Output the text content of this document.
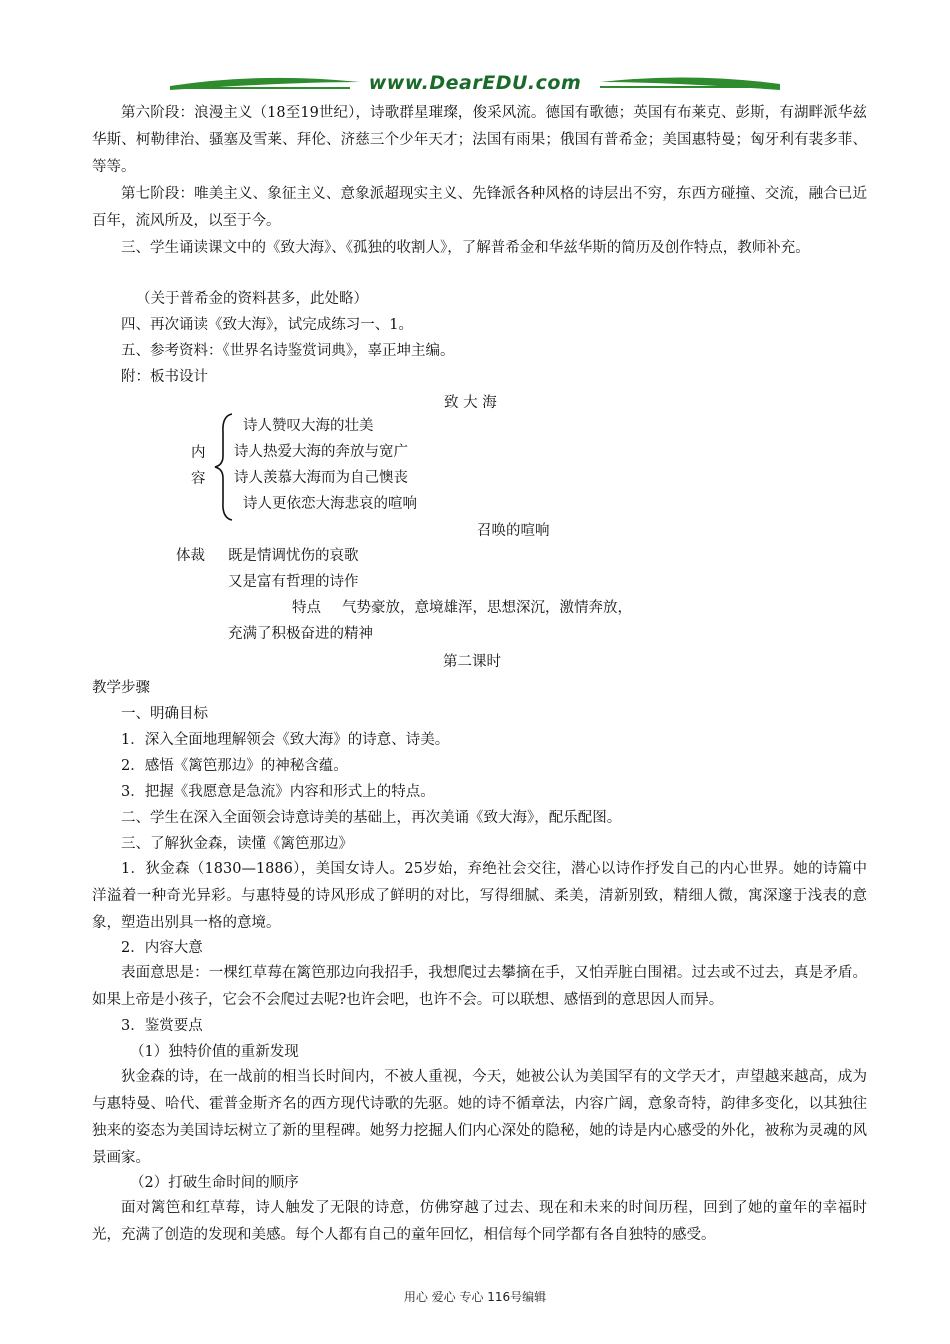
www.DearEDU.com

第六阶段：浪漫主义（18至19世纪），诗歌群星璀璨，俊采风流。德国有歌德；英国有布莱克、彭斯，有湖畔派华兹华斯、柯勒律治、骚塞及雪莱、拜伦、济慈三个少年天才；法国有雨果；俄国有普希金；美国惠特曼；匈牙利有裴多菲、等等。

第七阶段：唯美主义、象征主义、意象派超现实主义、先锋派各种风格的诗层出不穷，东西方碰撞、交流，融合已近百年，流风所及，以至于今。

三、学生诵读课文中的《致大海》、《孤独的收割人》，了解普希金和华兹华斯的简历及创作特点，教师补充。

（关于普希金的资料甚多，此处略）

四、再次诵读《致大海》，试完成练习一、1。

五、参考资料：《世界名诗鉴赏词典》，辜正坤主编。

附：板书设计

致 大 海
内
容
诗人赞叹大海的壮美
诗人热爱大海的奔放与宽广
诗人羡慕大海而为自己懊丧
诗人更依恋大海悲哀的喧响
召唤的喧响
体裁 既是情调忧伤的哀歌
又是富有哲理的诗作
特点 气势豪放，意境雄浑，思想深沉，激情奔放，
充满了积极奋进的精神
第二课时
教学步骤
一、明确目标
1．深入全面地理解领会《致大海》的诗意、诗美。
2．感悟《篱笆那边》的神秘含蕴。
3．把握《我愿意是急流》内容和形式上的特点。
二、学生在深入全面领会诗意诗美的基础上，再次美诵《致大海》，配乐配图。
三、了解狄金森，读懂《篱笆那边》

1．狄金森（1830—1886），美国女诗人。25岁始，弃绝社会交往，潜心以诗作抒发自己的内心世界。她的诗篇中洋溢着一种奇光异彩。与惠特曼的诗风形成了鲜明的对比，写得细腻、柔美，清新别致，精细人微，寓深邃于浅表的意象，塑造出别具一格的意境。

2．内容大意

表面意思是：一棵红草莓在篱笆那边向我招手，我想爬过去攀摘在手，又怕弄脏白围裙。过去或不过去，真是矛盾。如果上帝是小孩子，它会不会爬过去呢?也许会吧，也许不会。可以联想、感悟到的意思因人而异。

3．鉴赏要点
（1）独特价值的重新发现

狄金森的诗，在一战前的相当长时间内，不被人重视，今天，她被公认为美国罕有的文学天才，声望越来越高，成为与惠特曼、哈代、霍普金斯齐名的西方现代诗歌的先驱。她的诗不循章法，内容广阔，意象奇特，韵律多变化，以其独往独来的姿态为美国诗坛树立了新的里程碑。她努力挖掘人们内心深处的隐秘，她的诗是内心感受的外化，被称为灵魂的风景画家。

（2）打破生命时间的顺序

面对篱笆和红草莓，诗人触发了无限的诗意，仿佛穿越了过去、现在和未来的时间历程，回到了她的童年的幸福时光，充满了创造的发现和美感。每个人都有自己的童年回忆，相信每个同学都有各自独特的感受。

用心 爱心 专心 116号编辑
